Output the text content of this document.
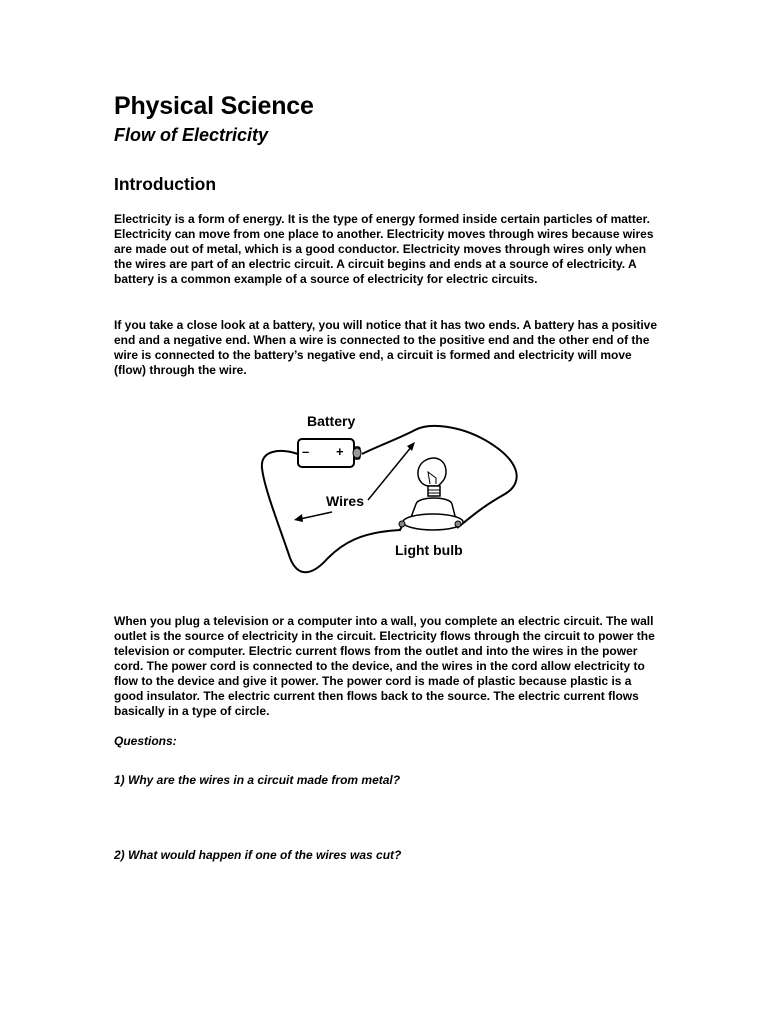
Physical Science
Flow of Electricity
Introduction

Electricity is a form of energy. It is the type of energy formed inside certain particles of matter. Electricity can move from one place to another. Electricity moves through wires because wires are made out of metal, which is a good conductor. Electricity moves through wires only when the wires are part of an electric circuit. A circuit begins and ends at a source of electricity. A battery is a common example of a source of electricity for electric circuits.

If you take a close look at a battery, you will notice that it has two ends. A battery has a positive end and a negative end. When a wire is connected to the positive end and the other end of the wire is connected to the battery’s negative end, a circuit is formed and electricity will move (flow) through the wire.

When you plug a television or a computer into a wall, you complete an electric circuit. The wall outlet is the source of electricity in the circuit. Electricity flows through the circuit to power the television or computer. Electric current flows from the outlet and into the wires in the power cord. The power cord is connected to the device, and the wires in the cord allow electricity to flow to the device and give it power. The power cord is made of plastic because plastic is a good insulator. The electric current then flows back to the source. The electric current flows basically in a type of circle.

Questions:

1) Why are the wires in a circuit made from metal?

2) What would happen if one of the wires was cut?

Battery
– +
Wires
Light bulb
